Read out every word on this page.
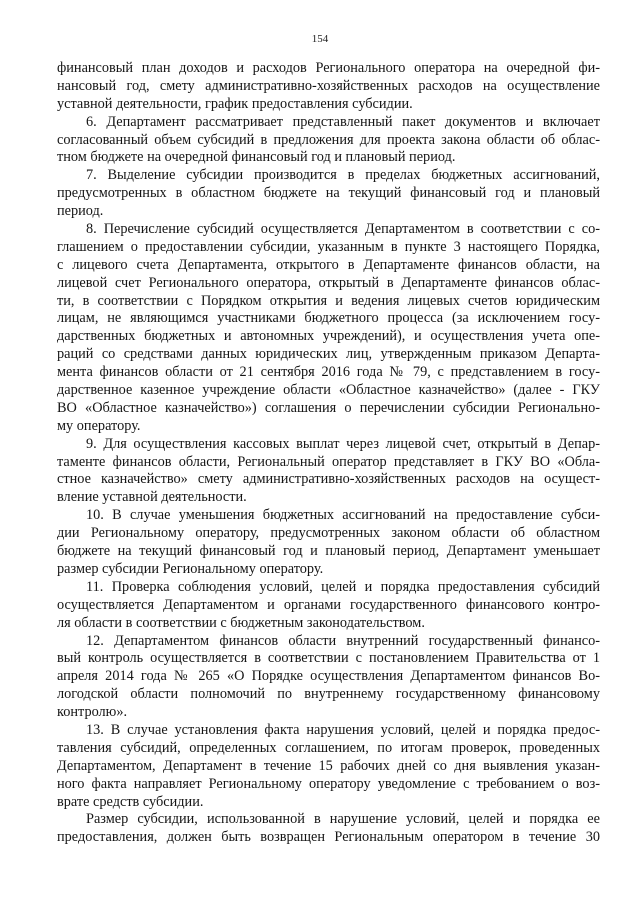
154
финансовый план доходов и расходов Регионального оператора на очередной фи-
нансовый год, смету административно-хозяйственных расходов на осуществление
уставной деятельности, график предоставления субсидии.
6. Департамент рассматривает представленный пакет документов и включает
согласованный объем субсидий в предложения для проекта закона области об облас-
тном бюджете на очередной финансовый год и плановый период.
7. Выделение субсидии производится в пределах бюджетных ассигнований,
предусмотренных в областном бюджете на текущий финансовый год и плановый
период.
8. Перечисление субсидий осуществляется Департаментом в соответствии с со-
глашением о предоставлении субсидии, указанным в пункте 3 настоящего Порядка,
с лицевого счета Департамента, открытого в Департаменте финансов области, на
лицевой счет Регионального оператора, открытый в Департаменте финансов облас-
ти, в соответствии с Порядком открытия и ведения лицевых счетов юридическим
лицам, не являющимся участниками бюджетного процесса (за исключением госу-
дарственных бюджетных и автономных учреждений), и осуществления учета опе-
раций со средствами данных юридических лиц, утвержденным приказом Департа-
мента финансов области от 21 сентября 2016 года № 79, с представлением в госу-
дарственное казенное учреждение области «Областное казначейство» (далее - ГКУ
ВО «Областное казначейство») соглашения о перечислении субсидии Регионально-
му оператору.
9. Для осуществления кассовых выплат через лицевой счет, открытый в Депар-
таменте финансов области, Региональный оператор представляет в ГКУ ВО «Обла-
стное казначейство» смету административно-хозяйственных расходов на осущест-
вление уставной деятельности.
10. В случае уменьшения бюджетных ассигнований на предоставление субси-
дии Региональному оператору, предусмотренных законом области об областном
бюджете на текущий финансовый год и плановый период, Департамент уменьшает
размер субсидии Региональному оператору.
11. Проверка соблюдения условий, целей и порядка предоставления субсидий
осуществляется Департаментом и органами государственного финансового контро-
ля области в соответствии с бюджетным законодательством.
12. Департаментом финансов области внутренний государственный финансо-
вый контроль осуществляется в соответствии с постановлением Правительства от 1
апреля 2014 года № 265 «О Порядке осуществления Департаментом финансов Во-
логодской области полномочий по внутреннему государственному финансовому
контролю».
13. В случае установления факта нарушения условий, целей и порядка предос-
тавления субсидий, определенных соглашением, по итогам проверок, проведенных
Департаментом, Департамент в течение 15 рабочих дней со дня выявления указан-
ного факта направляет Региональному оператору уведомление с требованием о воз-
врате средств субсидии.
Размер субсидии, использованной в нарушение условий, целей и порядка ее
предоставления, должен быть возвращен Региональным оператором в течение 30
